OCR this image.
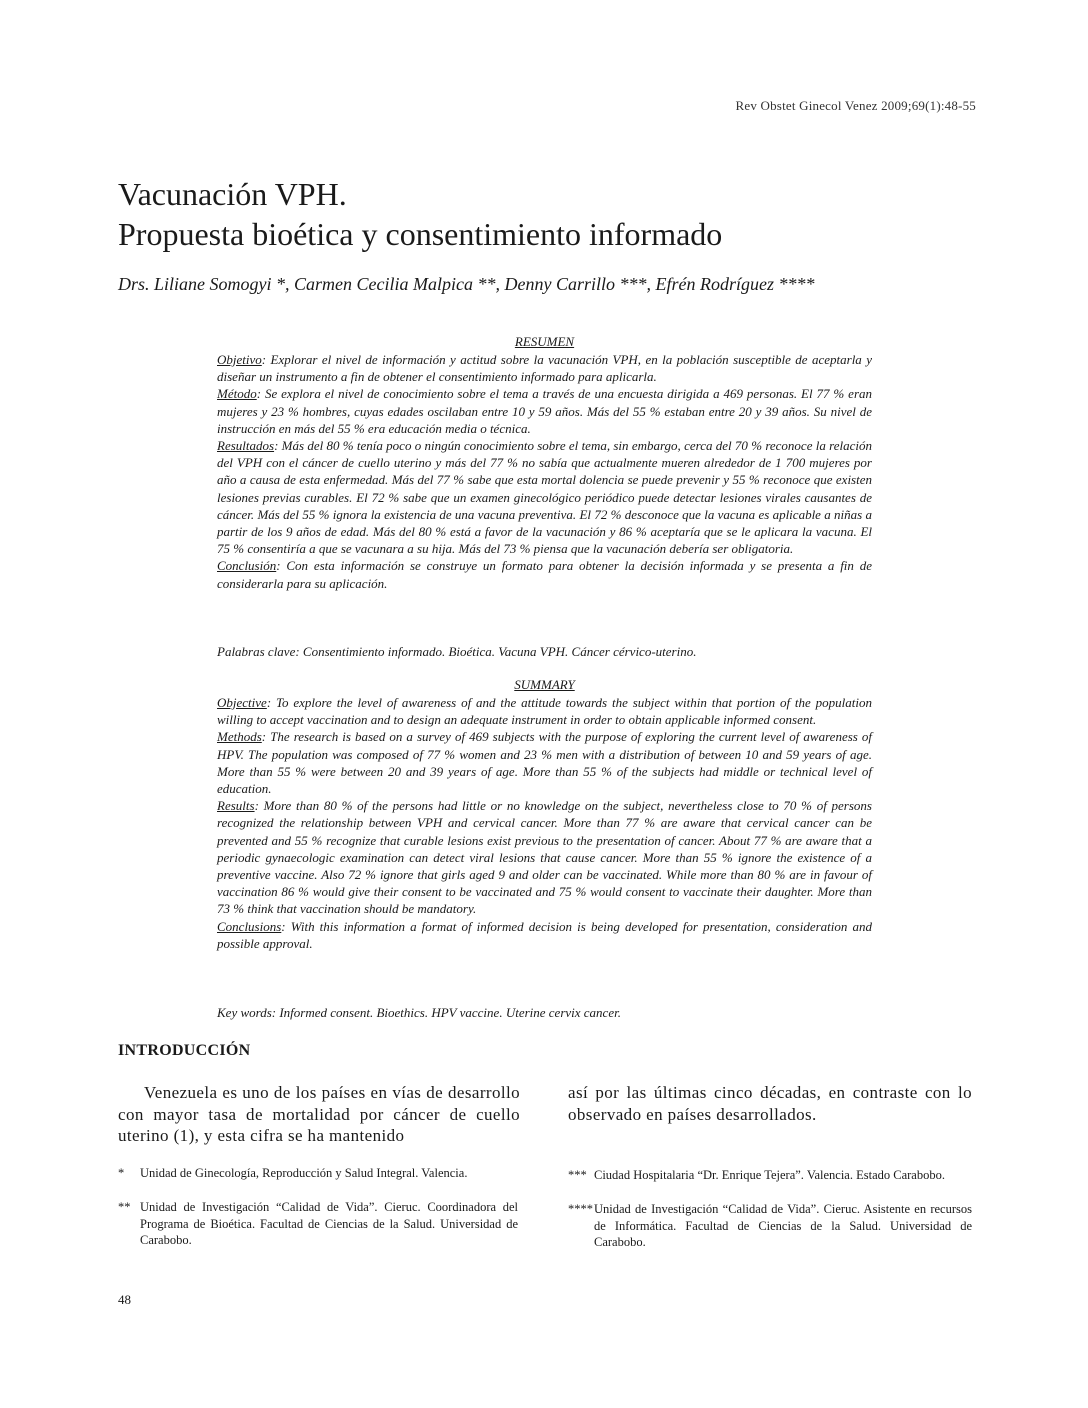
Rev Obstet Ginecol Venez 2009;69(1):48-55
Vacunación VPH.
Propuesta bioética y consentimiento informado
Drs. Liliane Somogyi *, Carmen Cecilia Malpica **, Denny Carrillo ***, Efrén Rodríguez ****
RESUMEN

Objetivo: Explorar el nivel de información y actitud sobre la vacunación VPH, en la población susceptible de aceptarla y diseñar un instrumento a fin de obtener el consentimiento informado para aplicarla.

Método: Se explora el nivel de conocimiento sobre el tema a través de una encuesta dirigida a 469 personas. El 77 % eran mujeres y 23 % hombres, cuyas edades oscilaban entre 10 y 59 años. Más del 55 % estaban entre 20 y 39 años. Su nivel de instrucción en más del 55 % era educación media o técnica.

Resultados: Más del 80 % tenía poco o ningún conocimiento sobre el tema, sin embargo, cerca del 70 % reconoce la relación del VPH con el cáncer de cuello uterino y más del 77 % no sabía que actualmente mueren alrededor de 1 700 mujeres por año a causa de esta enfermedad. Más del 77 % sabe que esta mortal dolencia se puede prevenir y 55 % reconoce que existen lesiones previas curables. El 72 % sabe que un examen ginecológico periódico puede detectar lesiones virales causantes de cáncer. Más del 55 % ignora la existencia de una vacuna preventiva. El 72 % desconoce que la vacuna es aplicable a niñas a partir de los 9 años de edad. Más del 80 % está a favor de la vacunación y 86 % aceptaría que se le aplicara la vacuna. El 75 % consentiría a que se vacunara a su hija. Más del 73 % piensa que la vacunación debería ser obligatoria.

Conclusión: Con esta información se construye un formato para obtener la decisión informada y se presenta a fin de considerarla para su aplicación.

Palabras clave: Consentimiento informado. Bioética. Vacuna VPH. Cáncer cérvico-uterino.
SUMMARY

Objective: To explore the level of awareness of and the attitude towards the subject within that portion of the population willing to accept vaccination and to design an adequate instrument in order to obtain applicable informed consent.

Methods: The research is based on a survey of 469 subjects with the purpose of exploring the current level of awareness of HPV. The population was composed of 77 % women and 23 % men with a distribution of between 10 and 59 years of age. More than 55 % were between 20 and 39 years of age. More than 55 % of the subjects had middle or technical level of education.

Results: More than 80 % of the persons had little or no knowledge on the subject, nevertheless close to 70 % of persons recognized the relationship between VPH and cervical cancer. More than 77 % are aware that cervical cancer can be prevented and 55 % recognize that curable lesions exist previous to the presentation of cancer. About 77 % are aware that a periodic gynaecologic examination can detect viral lesions that cause cancer. More than 55 % ignore the existence of a preventive vaccine. Also 72 % ignore that girls aged 9 and older can be vaccinated. While more than 80 % are in favour of vaccination 86 % would give their consent to be vaccinated and 75 % would consent to vaccinate their daughter. More than 73 % think that vaccination should be mandatory.

Conclusions: With this information a format of informed decision is being developed for presentation, consideration and possible approval.

Key words: Informed consent. Bioethics. HPV vaccine. Uterine cervix cancer.
INTRODUCCIÓN
Venezuela es uno de los países en vías de desarrollo con mayor tasa de mortalidad por cáncer de cuello uterino (1), y esta cifra se ha mantenido
así por las últimas cinco décadas, en contraste con lo observado en países desarrollados.
*	Unidad de Ginecología, Reproducción y Salud Integral. Valencia.
** Unidad de Investigación “Calidad de Vida”. Cieruc. Coordinadora del Programa de Bioética. Facultad de Ciencias de la Salud. Universidad de Carabobo.
*** Ciudad Hospitalaria “Dr. Enrique Tejera”. Valencia. Estado Carabobo.
**** Unidad de Investigación “Calidad de Vida”. Cieruc. Asistente en recursos de Informática. Facultad de Ciencias de la Salud. Universidad de Carabobo.
48
